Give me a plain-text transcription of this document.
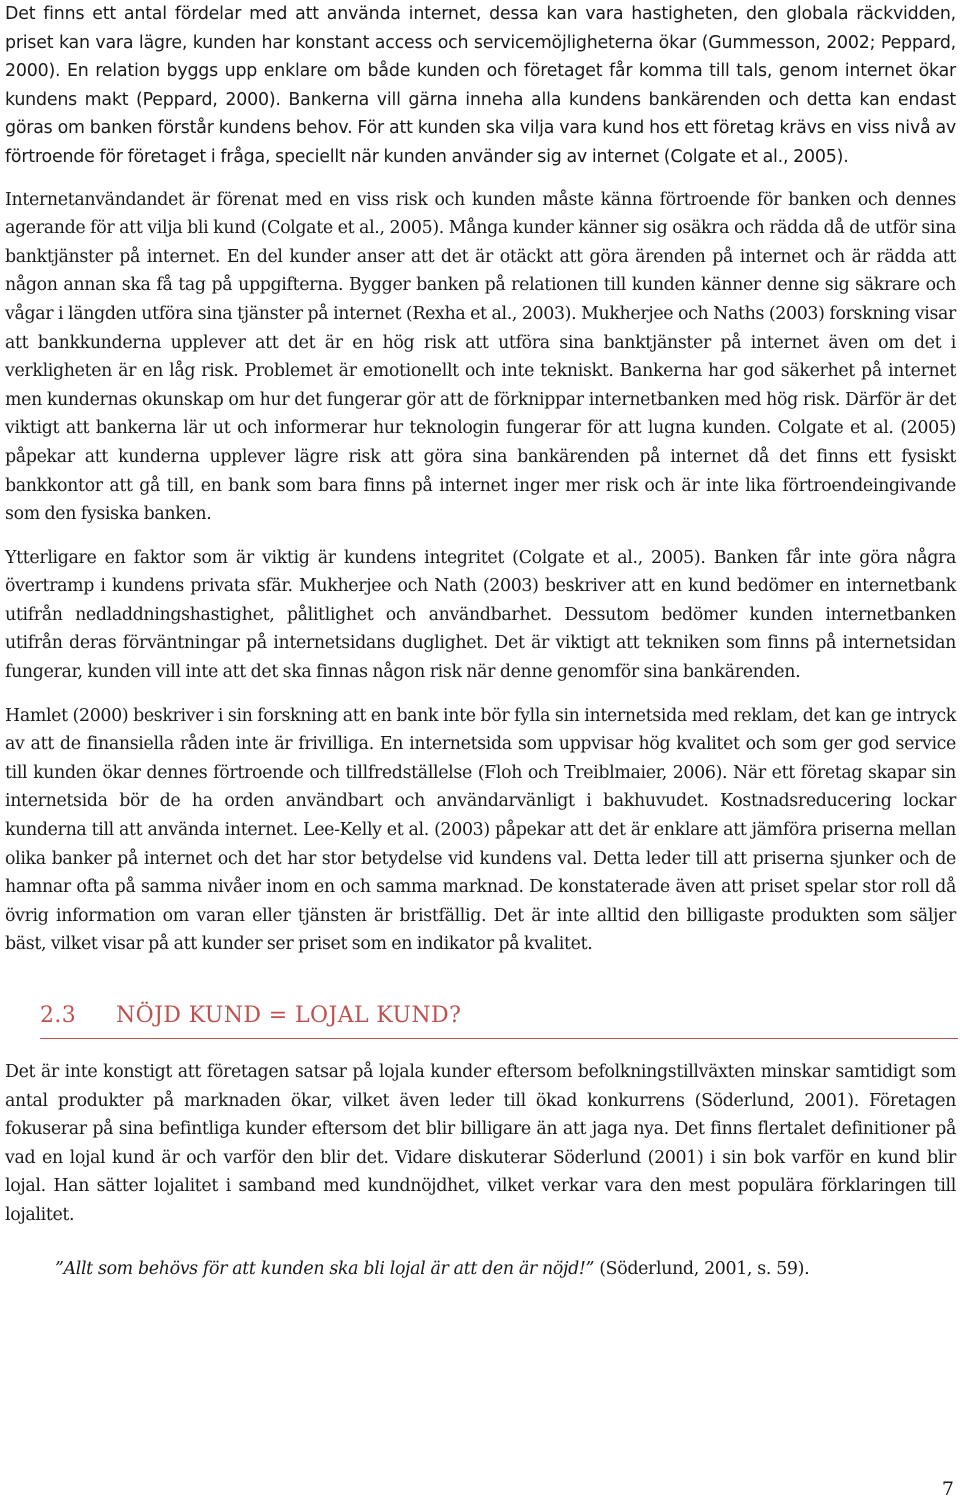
Det finns ett antal fördelar med att använda internet, dessa kan vara hastigheten, den globala räckvidden, priset kan vara lägre, kunden har konstant access och servicemöjligheterna ökar (Gummesson, 2002; Peppard, 2000). En relation byggs upp enklare om både kunden och företaget får komma till tals, genom internet ökar kundens makt (Peppard, 2000). Bankerna vill gärna inneha alla kundens bankärenden och detta kan endast göras om banken förstår kundens behov. För att kunden ska vilja vara kund hos ett företag krävs en viss nivå av förtroende för företaget i fråga, speciellt när kunden använder sig av internet (Colgate et al., 2005).

Internetanvändandet är förenat med en viss risk och kunden måste känna förtroende för banken och dennes agerande för att vilja bli kund (Colgate et al., 2005). Många kunder känner sig osäkra och rädda då de utför sina banktjänster på internet. En del kunder anser att det är otäckt att göra ärenden på internet och är rädda att någon annan ska få tag på uppgifterna. Bygger banken på relationen till kunden känner denne sig säkrare och vågar i längden utföra sina tjänster på internet (Rexha et al., 2003). Mukherjee och Naths (2003) forskning visar att bankkunderna upplever att det är en hög risk att utföra sina banktjänster på internet även om det i verkligheten är en låg risk. Problemet är emotionellt och inte tekniskt. Bankerna har god säkerhet på internet men kundernas okunskap om hur det fungerar gör att de förknippar internetbanken med hög risk. Därför är det viktigt att bankerna lär ut och informerar hur teknologin fungerar för att lugna kunden. Colgate et al. (2005) påpekar att kunderna upplever lägre risk att göra sina bankärenden på internet då det finns ett fysiskt bankkontor att gå till, en bank som bara finns på internet inger mer risk och är inte lika förtroendeingivande som den fysiska banken.

Ytterligare en faktor som är viktig är kundens integritet (Colgate et al., 2005). Banken får inte göra några övertramp i kundens privata sfär. Mukherjee och Nath (2003) beskriver att en kund bedömer en internetbank utifrån nedladdningshastighet, pålitlighet och användbarhet. Dessutom bedömer kunden internetbanken utifrån deras förväntningar på internetsidans duglighet. Det är viktigt att tekniken som finns på internetsidan fungerar, kunden vill inte att det ska finnas någon risk när denne genomför sina bankärenden.

Hamlet (2000) beskriver i sin forskning att en bank inte bör fylla sin internetsida med reklam, det kan ge intryck av att de finansiella råden inte är frivilliga. En internetsida som uppvisar hög kvalitet och som ger god service till kunden ökar dennes förtroende och tillfredställelse (Floh och Treiblmaier, 2006). När ett företag skapar sin internetsida bör de ha orden användbart och användarvänligt i bakhuvudet. Kostnadsreducering lockar kunderna till att använda internet. Lee-Kelly et al. (2003) påpekar att det är enklare att jämföra priserna mellan olika banker på internet och det har stor betydelse vid kundens val. Detta leder till att priserna sjunker och de hamnar ofta på samma nivåer inom en och samma marknad. De konstaterade även att priset spelar stor roll då övrig information om varan eller tjänsten är bristfällig. Det är inte alltid den billigaste produkten som säljer bäst, vilket visar på att kunder ser priset som en indikator på kvalitet.

2.3 NÖJD KUND = LOJAL KUND?

Det är inte konstigt att företagen satsar på lojala kunder eftersom befolkningstillväxten minskar samtidigt som antal produkter på marknaden ökar, vilket även leder till ökad konkurrens (Söderlund, 2001). Företagen fokuserar på sina befintliga kunder eftersom det blir billigare än att jaga nya. Det finns flertalet definitioner på vad en lojal kund är och varför den blir det. Vidare diskuterar Söderlund (2001) i sin bok varför en kund blir lojal. Han sätter lojalitet i samband med kundnöjdhet, vilket verkar vara den mest populära förklaringen till lojalitet.

”Allt som behövs för att kunden ska bli lojal är att den är nöjd!” (Söderlund, 2001, s. 59).
7
